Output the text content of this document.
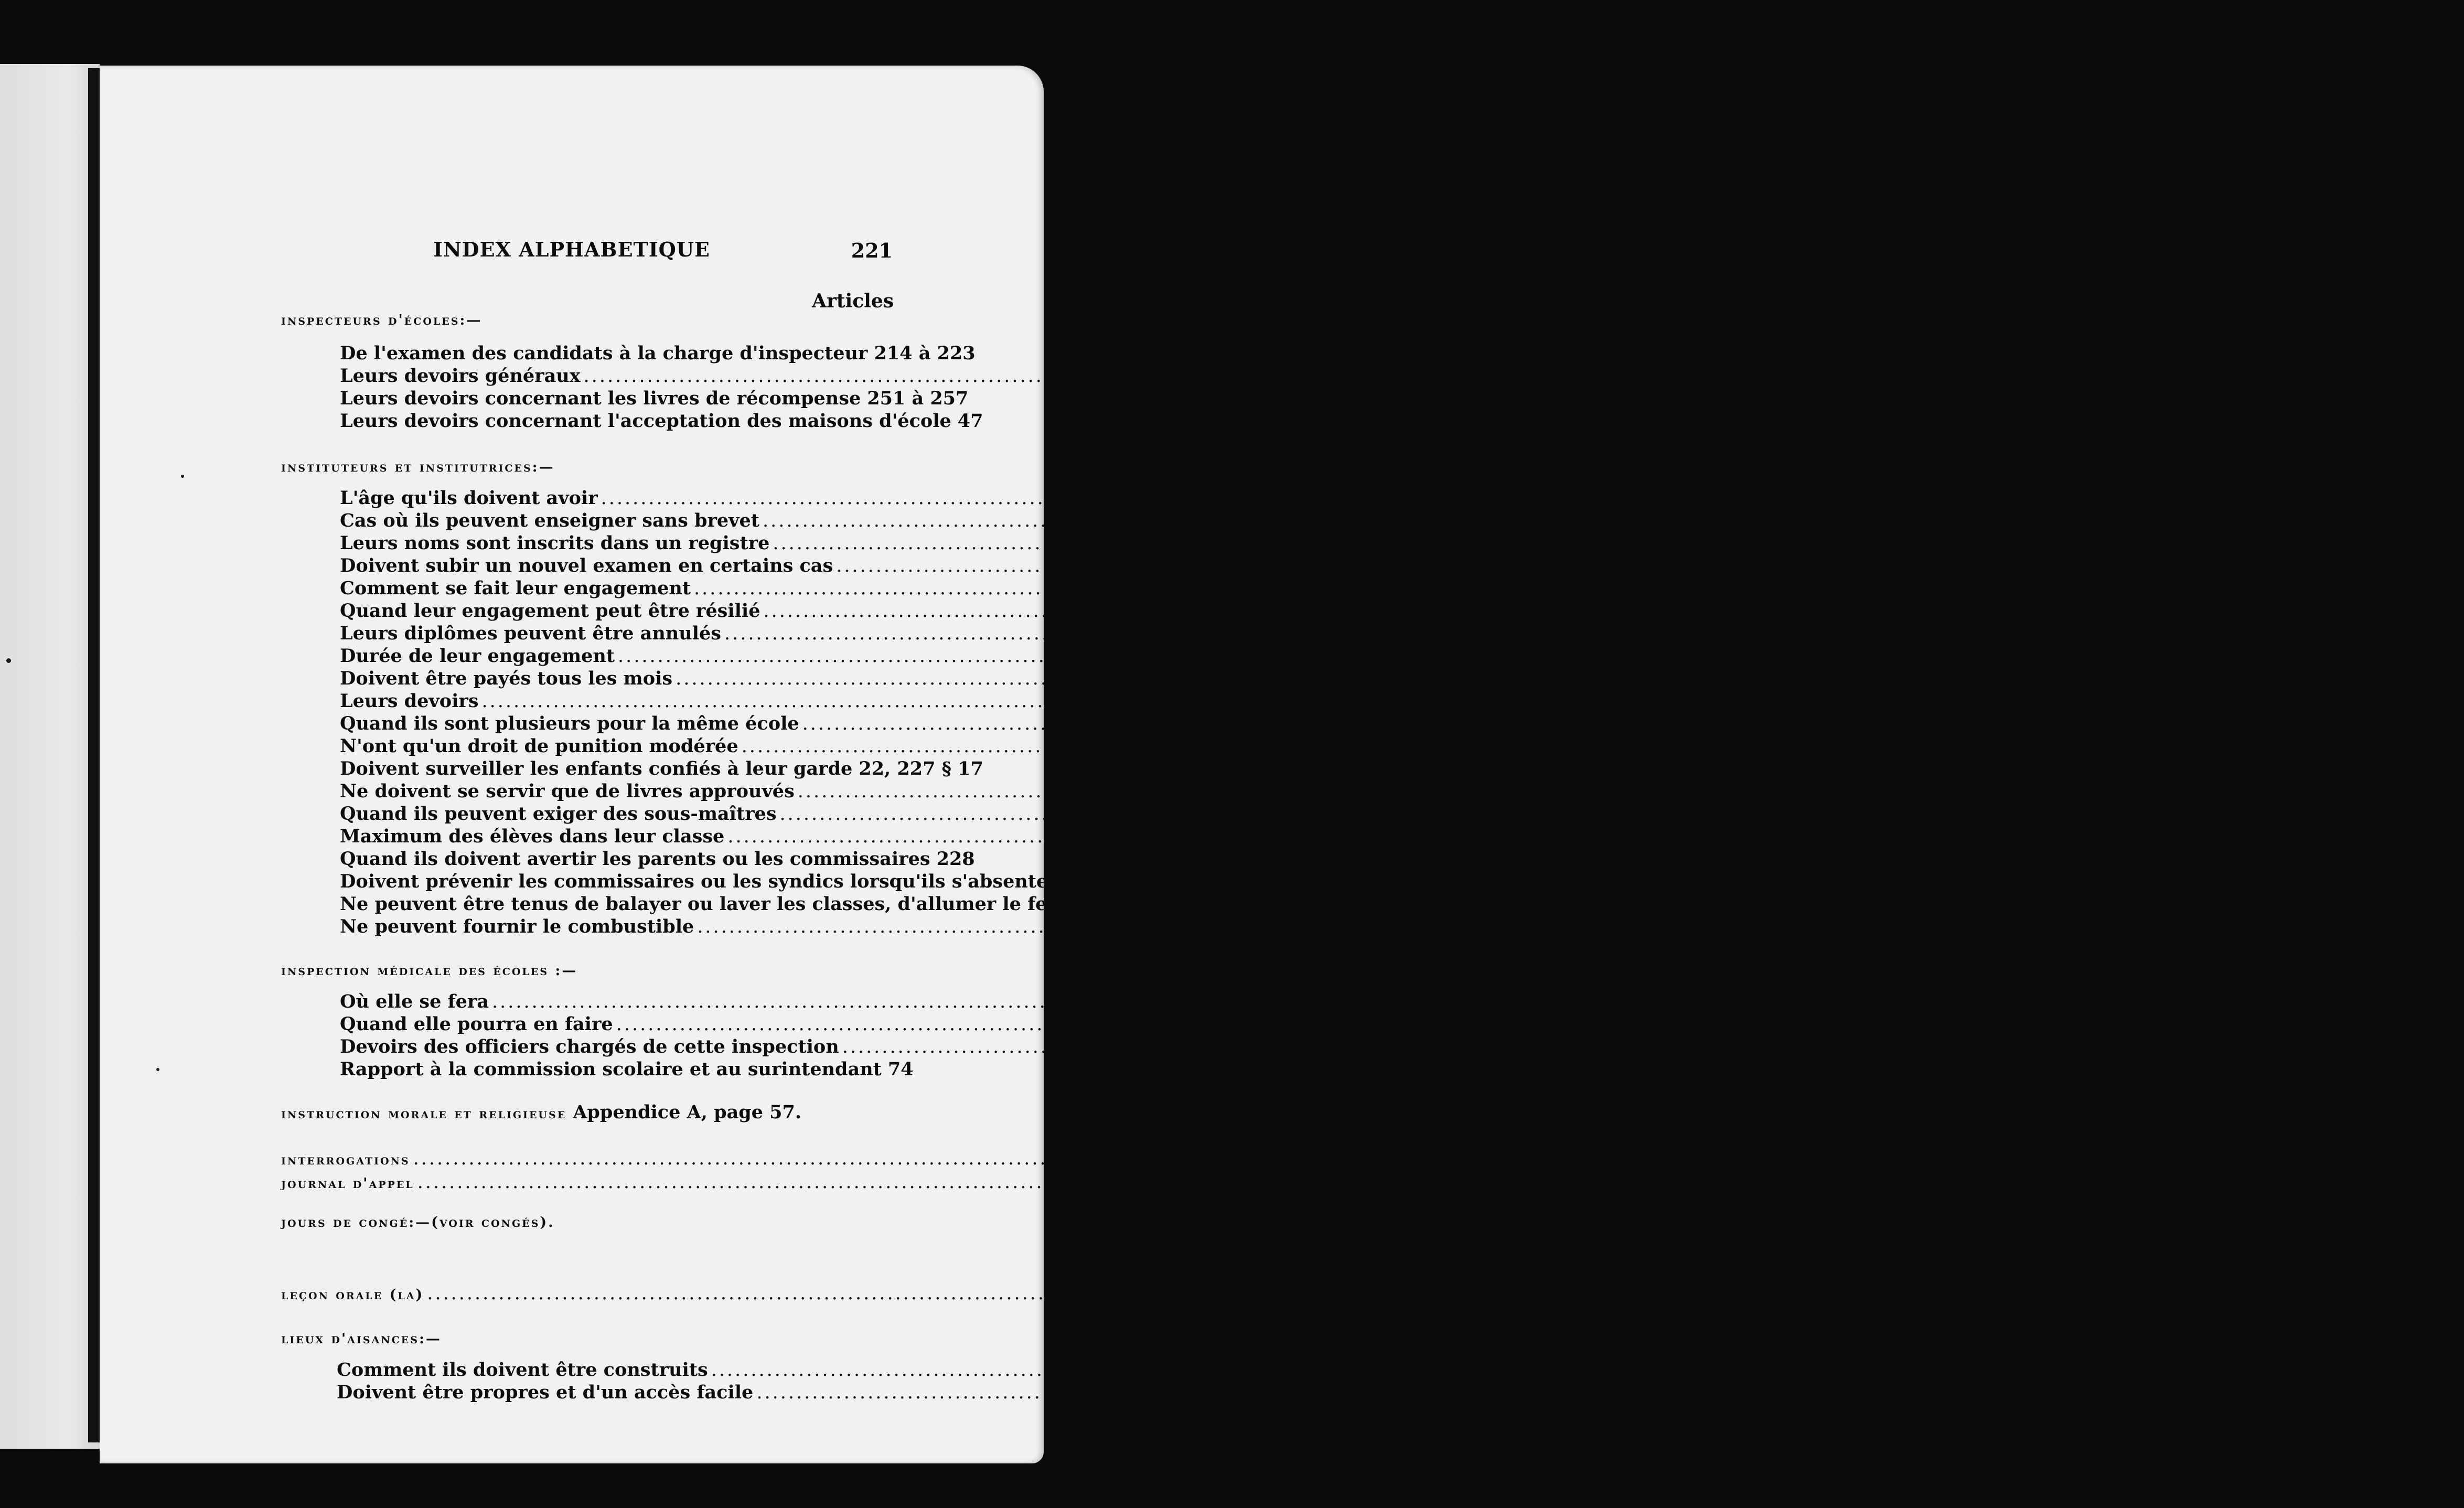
INDEX ALPHABETIQUE	221
Articles
inspecteurs d'écoles:—
De l'examen des candidats à la charge d'inspecteur 214 à 223
Leurs devoirs généraux ........................................................................................................................................................................................................ 225
Leurs devoirs concernant les livres de récompense 251 à 257
Leurs devoirs concernant l'acceptation des maisons d'école 47
instituteurs et institutrices:—
L'âge qu'ils doivent avoir ........................................................................................................................................................................................................ 32
Cas où ils peuvent enseigner sans brevet ........................................................................................................................................................................................................ 25-26
Leurs noms sont inscrits dans un registre ........................................................................................................................................................................................................ 112
Doivent subir un nouvel examen en certains cas ........................................................................................................................................................................................................ 115
Comment se fait leur engagement ........................................................................................................................................................................................................ 24
Quand leur engagement peut être résilié ........................................................................................................................................................................................................ 32
Leurs diplômes peuvent être annulés ........................................................................................................................................................................................................ 114-115
Durée de leur engagement ........................................................................................................................................................................................................ 24
Doivent être payés tous les mois ........................................................................................................................................................................................................ 259
Leurs devoirs ........................................................................................................................................................................................................ 227
Quand ils sont plusieurs pour la même école ........................................................................................................................................................................................................ 31
N'ont qu'un droit de punition modérée ........................................................................................................................................................................................................ 15
Doivent surveiller les enfants confiés à leur garde 22, 227 § 17
Ne doivent se servir que de livres approuvés ........................................................................................................................................................................................................ 14
Quand ils peuvent exiger des sous-maîtres ........................................................................................................................................................................................................ 30
Maximum des élèves dans leur classe ........................................................................................................................................................................................................ 30
Quand ils doivent avertir les parents ou les commissaires 228
Doivent prévenir les commissaires ou les syndics lorsqu'ils s'absentent. 227 § 24
Ne peuvent être tenus de balayer ou laver les classes, d'allumer le feu 69
Ne peuvent fournir le combustible ........................................................................................................................................................................................................ 70
inspection médicale des écoles :—
Où elle se fera ........................................................................................................................................................................................................ 71
Quand elle pourra en faire ........................................................................................................................................................................................................ 72
Devoirs des officiers chargés de cette inspection ........................................................................................................................................................................................................ 73
Rapport à la commission scolaire et au surintendant 74
instruction morale et religieuse Appendice A, page 57.
interrogations ........................................................................................................................................................................................................ Appendice A, page 64.
journal d'appel ........................................................................................................................................................................................................ 227 § 18-260
jours de congé:—(voir congés).
leçon orale (la) ........................................................................................................................................................................................................ Appendice A, page 62
lieux d'aisances:—
Comment ils doivent être construits ........................................................................................................................................................................................................ 48 et suiv.
Doivent être propres et d'un accès facile ........................................................................................................................................................................................................ 51
